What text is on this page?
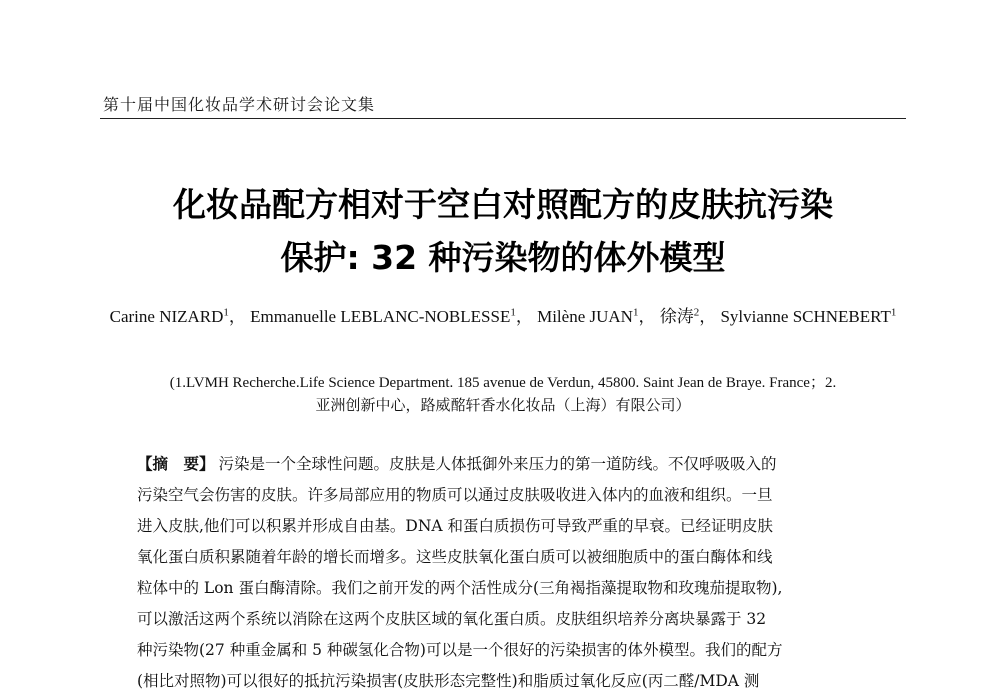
第十届中国化妆品学术研讨会论文集
化妆品配方相对于空白对照配方的皮肤抗污染
保护: 32 种污染物的体外模型
Carine NIZARD$^1$， Emmanuelle LEBLANC-NOBLESSE$^1$， Milène JUAN$^1$， 徐涛$^2$， Sylvianne SCHNEBERT$^1$
(1.LVMH Recherche.Life Science Department. 185 avenue de Verdun, 45800. Saint Jean de Braye. France；2.
亚洲创新中心，路威酩轩香水化妆品（上海）有限公司）
【摘　要】 污染是一个全球性问题。皮肤是人体抵御外来压力的第一道防线。不仅呼吸吸入的
污染空气会伤害的皮肤。许多局部应用的物质可以通过皮肤吸收进入体内的血液和组织。一旦
进入皮肤,他们可以积累并形成自由基。DNA 和蛋白质损伤可导致严重的早衰。已经证明皮肤
氧化蛋白质积累随着年龄的增长而增多。这些皮肤氧化蛋白质可以被细胞质中的蛋白酶体和线
粒体中的 Lon 蛋白酶清除。我们之前开发的两个活性成分(三角褐指藻提取物和玫瑰茄提取物),
可以激活这两个系统以消除在这两个皮肤区域的氧化蛋白质。皮肤组织培养分离块暴露于 32
种污染物(27 种重金属和 5 种碳氢化合物)可以是一个很好的污染损害的体外模型。我们的配方
(相比对照物)可以很好的抵抗污染损害(皮肤形态完整性)和脂质过氧化反应(丙二醛/MDA 测
